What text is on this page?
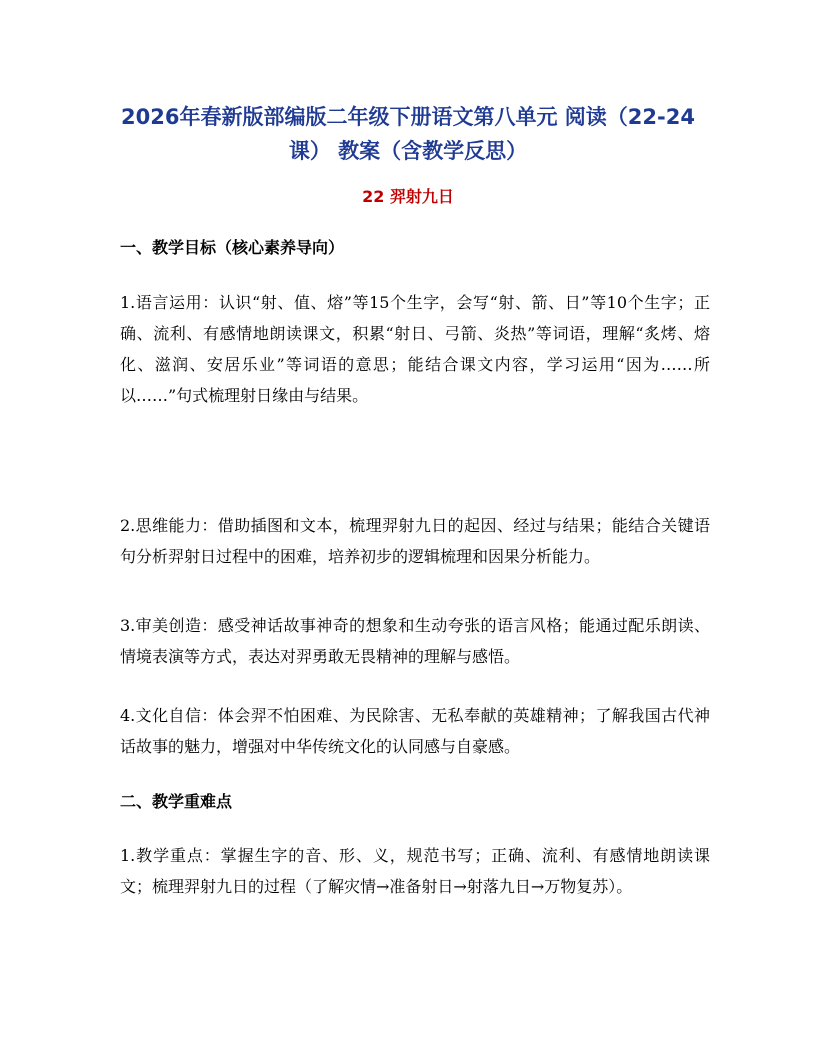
2026年春新版部编版二年级下册语文第八单元 阅读（22-24课） 教案（含教学反思）
22 羿射九日
一、教学目标（核心素养导向）

1.语言运用：认识“射、值、熔”等15个生字，会写“射、箭、日”等10个生字；正确、流利、有感情地朗读课文，积累“射日、弓箭、炎热”等词语，理解“炙烤、熔化、滋润、安居乐业”等词语的意思；能结合课文内容，学习运用“因为……所以……”句式梳理射日缘由与结果。

2.思维能力：借助插图和文本，梳理羿射九日的起因、经过与结果；能结合关键语句分析羿射日过程中的困难，培养初步的逻辑梳理和因果分析能力。

3.审美创造：感受神话故事神奇的想象和生动夸张的语言风格；能通过配乐朗读、情境表演等方式，表达对羿勇敢无畏精神的理解与感悟。

4.文化自信：体会羿不怕困难、为民除害、无私奉献的英雄精神；了解我国古代神话故事的魅力，增强对中华传统文化的认同感与自豪感。

二、教学重难点

1.教学重点：掌握生字的音、形、义，规范书写；正确、流利、有感情地朗读课文；梳理羿射九日的过程（了解灾情→准备射日→射落九日→万物复苏）。
